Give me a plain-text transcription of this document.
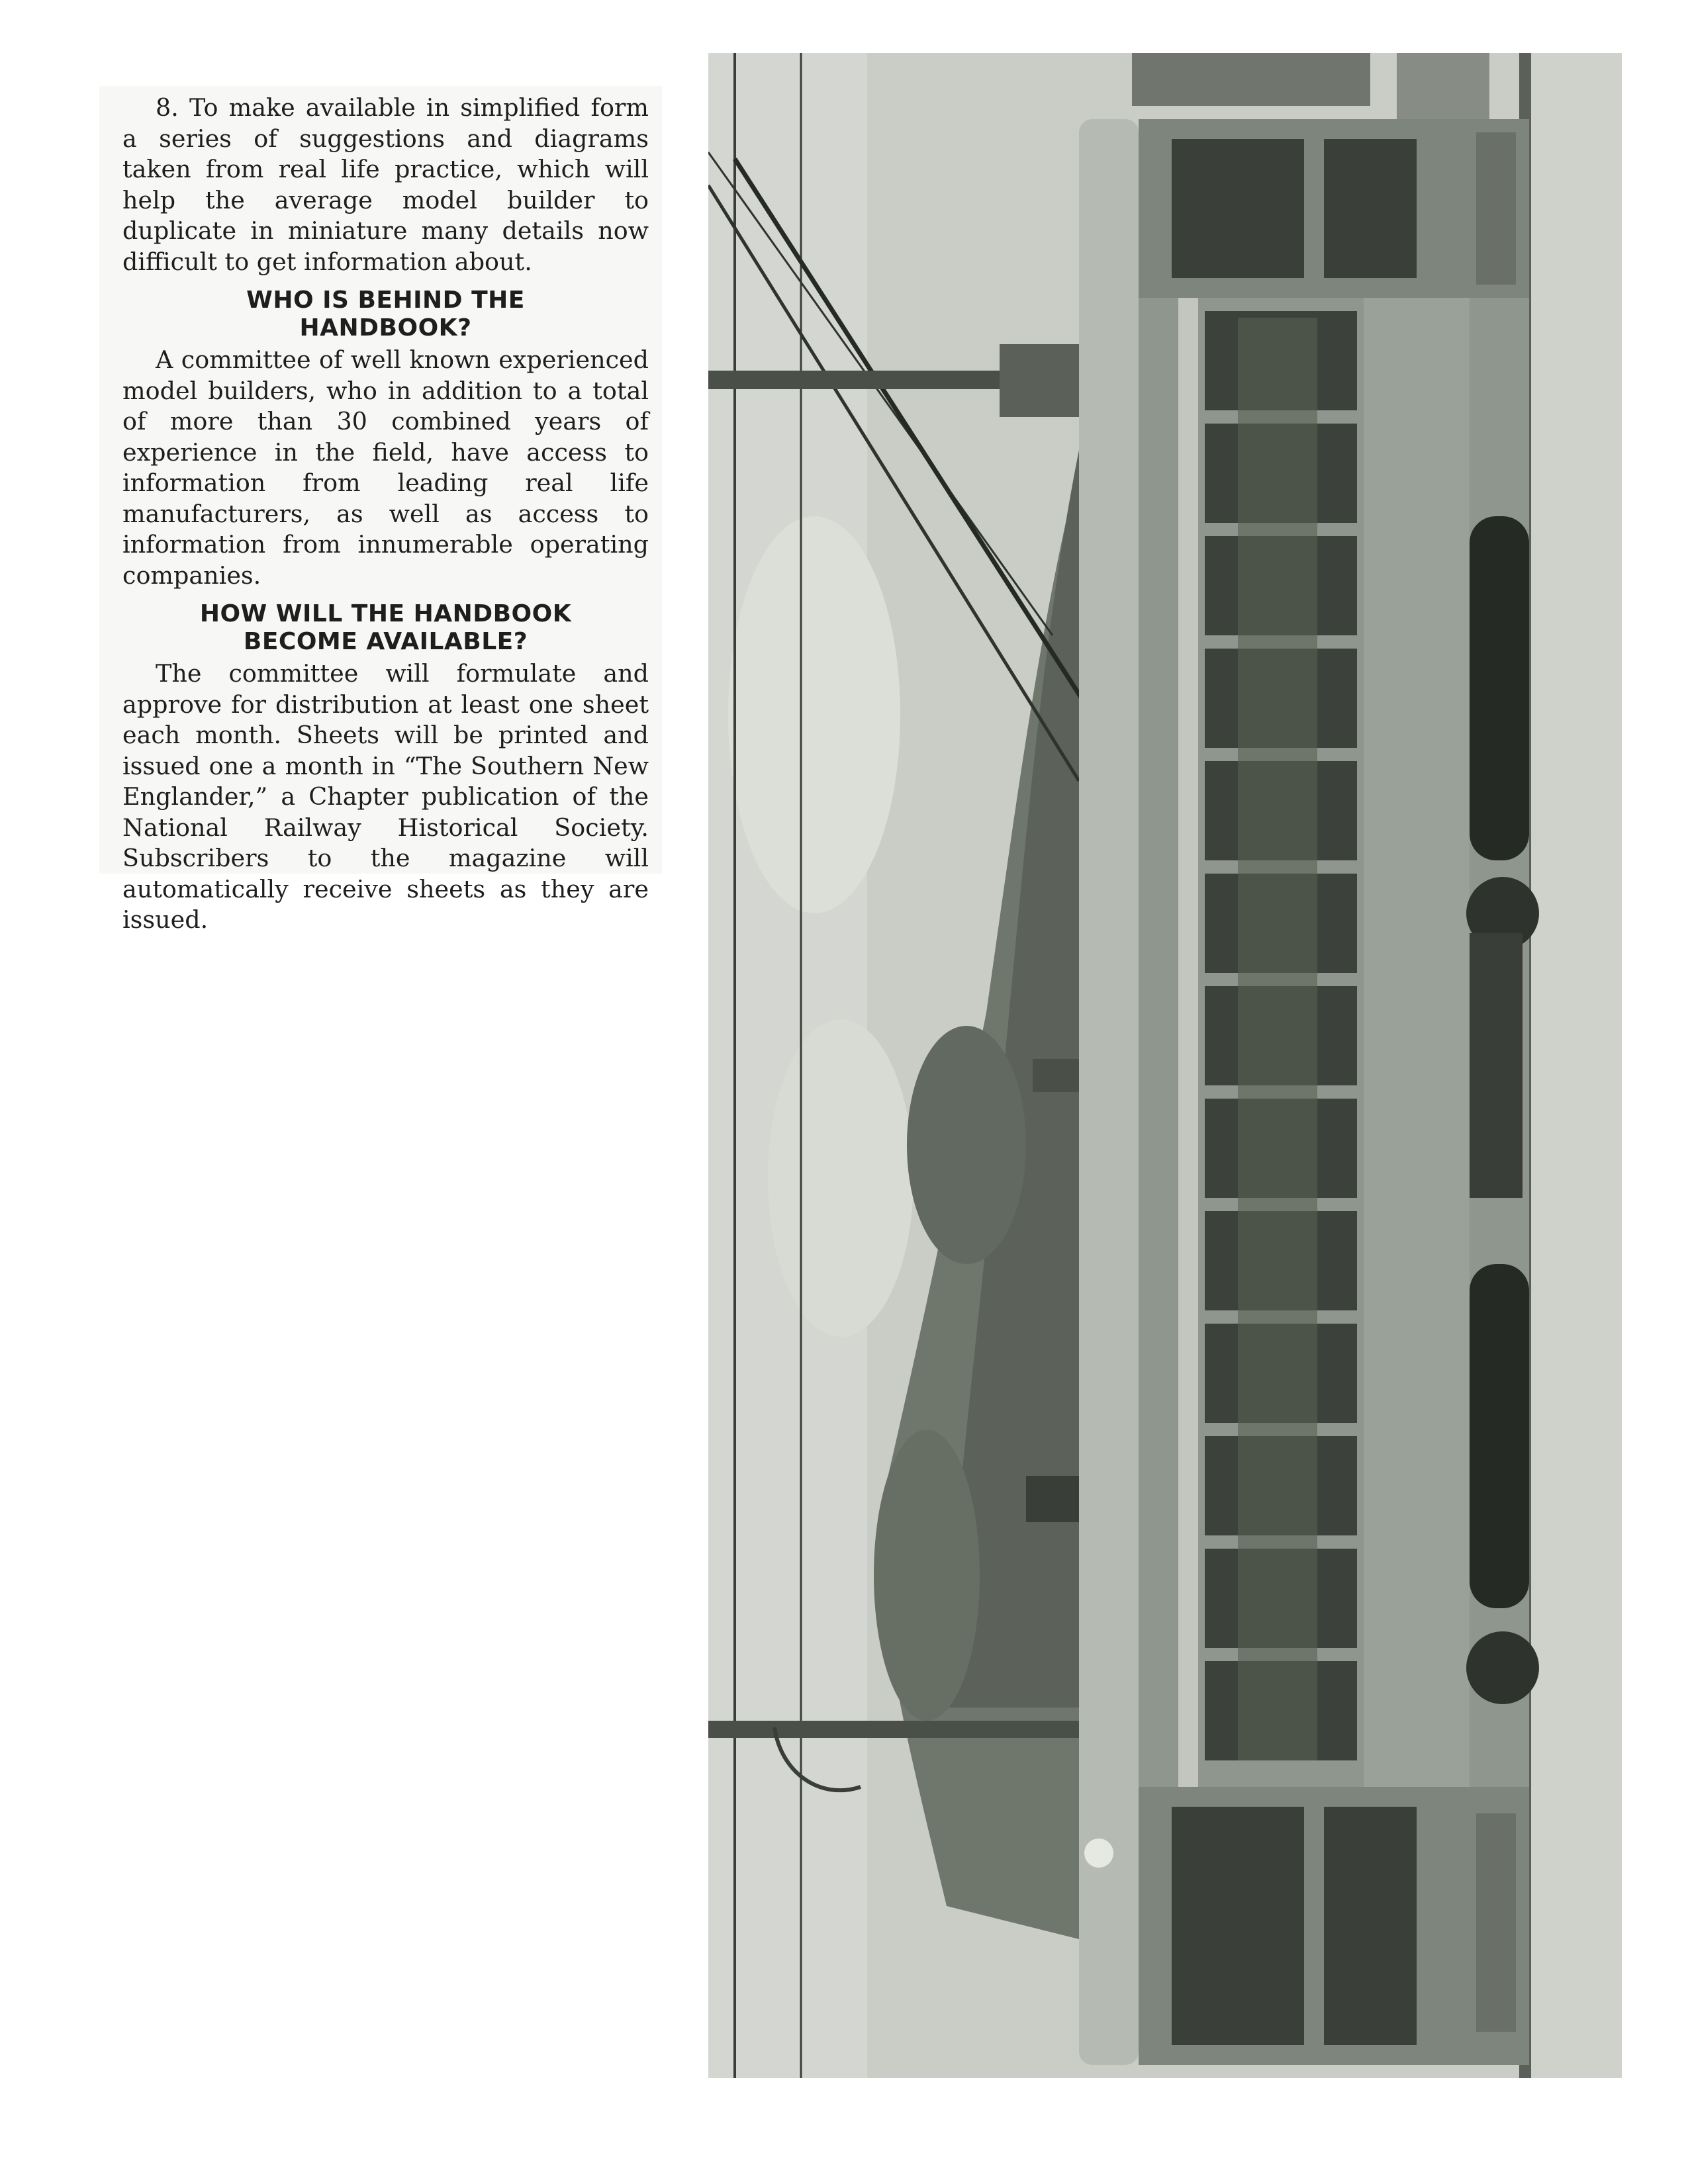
8. To make available in simplified form a series of suggestions and diagrams taken from real life practice, which will help the average model builder to duplicate in miniature many details now difficult to get information about.

WHO IS BEHIND THE
HANDBOOK?

A committee of well known experienced model builders, who in addition to a total of more than 30 combined years of experience in the field, have access to information from leading real life manufacturers, as well as access to information from innumerable operating companies.

HOW WILL THE HANDBOOK
BECOME AVAILABLE?

The committee will formulate and approve for distribution at least one sheet each month. Sheets will be printed and issued one a month in “The Southern New Englander,” a Chapter publication of the National Railway Historical Society. Subscribers to the magazine will automatically receive sheets as they are issued.
